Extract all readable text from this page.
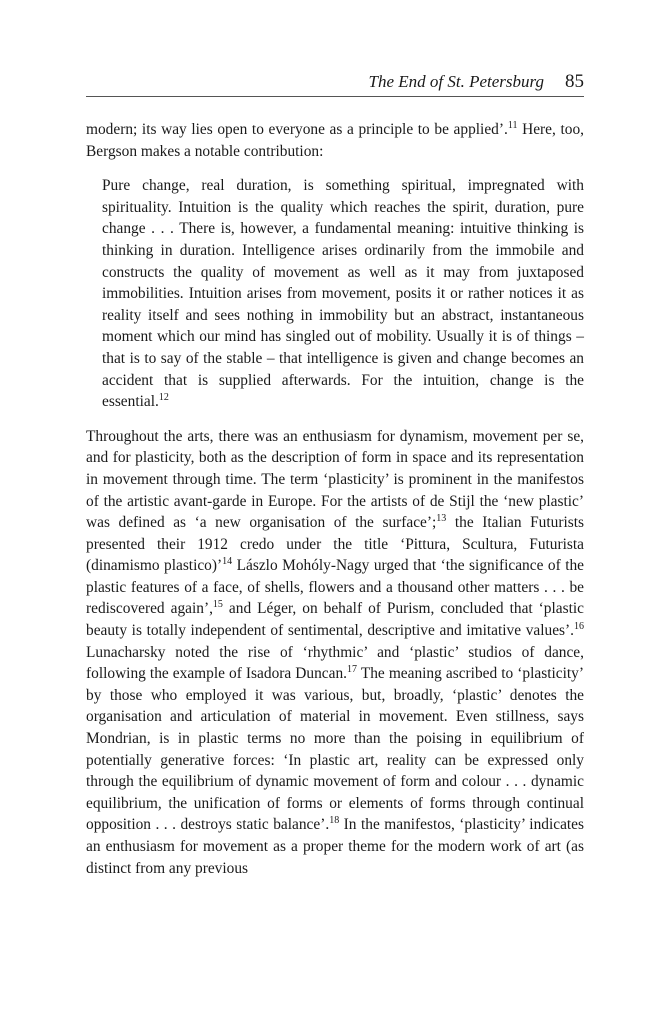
The End of St. Petersburg 85

modern; its way lies open to everyone as a principle to be applied’.$^{11}$ Here, too, Bergson makes a notable contribution:

Pure change, real duration, is something spiritual, impregnated with spirituality. Intuition is the quality which reaches the spirit, duration, pure change . . . There is, however, a fundamental meaning: intuitive thinking is thinking in duration. Intelligence arises ordinarily from the immobile and constructs the quality of movement as well as it may from juxtaposed immobilities. Intuition arises from movement, posits it or rather notices it as reality itself and sees nothing in immobility but an abstract, instantaneous moment which our mind has singled out of mobility. Usually it is of things – that is to say of the stable – that intelligence is given and change becomes an accident that is supplied afterwards. For the intuition, change is the essential.$^{12}$

Throughout the arts, there was an enthusiasm for dynamism, movement per se, and for plasticity, both as the description of form in space and its representation in movement through time. The term ‘plasticity’ is prominent in the manifestos of the artistic avant-garde in Europe. For the artists of de Stijl the ‘new plastic’ was defined as ‘a new organisation of the surface’;$^{13}$ the Italian Futurists presented their 1912 credo under the title ‘Pittura, Scultura, Futurista (dinamismo plastico)’$^{14}$ Lászlo Mohóly-Nagy urged that ‘the significance of the plastic features of a face, of shells, flowers and a thousand other matters . . . be rediscovered again’,$^{15}$ and Léger, on behalf of Purism, concluded that ‘plastic beauty is totally independent of sentimental, descriptive and imitative values’.$^{16}$ Lunacharsky noted the rise of ‘rhythmic’ and ‘plastic’ studios of dance, following the example of Isadora Duncan.$^{17}$ The meaning ascribed to ‘plasticity’ by those who employed it was various, but, broadly, ‘plastic’ denotes the organisation and articulation of material in movement. Even stillness, says Mondrian, is in plastic terms no more than the poising in equilibrium of potentially generative forces: ‘In plastic art, reality can be expressed only through the equilibrium of dynamic movement of form and colour . . . dynamic equilibrium, the unification of forms or elements of forms through continual opposition . . . destroys static balance’.$^{18}$ In the manifestos, ‘plasticity’ indicates an enthusiasm for movement as a proper theme for the modern work of art (as distinct from any previous
